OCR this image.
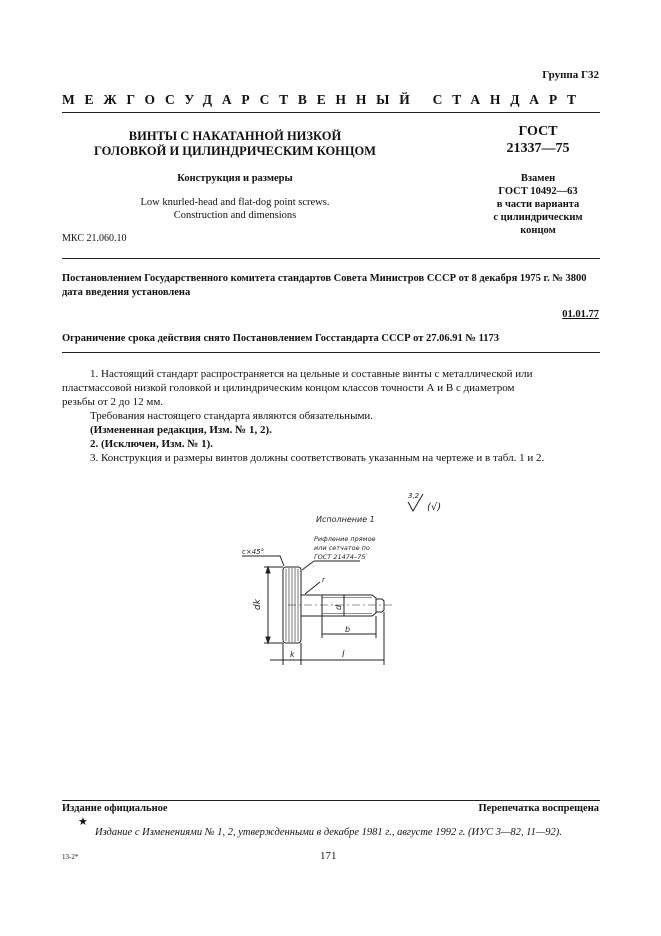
Группа Г32
МЕЖГОСУДАРСТВЕННЫЙ СТАНДАРТ
ВИНТЫ С НАКАТАННОЙ НИЗКОЙ
ГОЛОВКОЙ И ЦИЛИНДРИЧЕСКИМ КОНЦОМ
Конструкция и размеры
Low knurled-head and flat-dog point screws.
Construction and dimensions
ГОСТ
21337—75
Взамен
ГОСТ 10492—63
в части варианта
с цилиндрическим
концом
МКС 21.060.10
Постановлением Государственного комитета стандартов Совета Министров СССР от 8 декабря 1975 г. № 3800
дата введения установлена
01.01.77
Ограничение срока действия снято Постановлением Госстандарта СССР от 27.06.91 № 1173
1. Настоящий стандарт распространяется на цельные и составные винты с металлической или
пластмассовой низкой головкой и цилиндрическим концом классов точности А и В с диаметром
резьбы от 2 до 12 мм.
Требования настоящего стандарта являются обязательными.
(Измененная редакция, Изм. № 1, 2).
2. (Исключен, Изм. № 1).
3. Конструкция и размеры винтов должны соответствовать указанным на чертеже и в табл. 1 и 2.
3,2
(√)
Исполнение 1
Рифление прямое
или сетчатое по
ГОСТ 21474–75
c×45°
r
dk	d
b
k	l
Издание официальное	Перепечатка воспрещена
★
Издание с Изменениями № 1, 2, утвержденными в декабре 1981 г., августе 1992 г. (ИУС 3—82, 11—92).
13-2*	171
